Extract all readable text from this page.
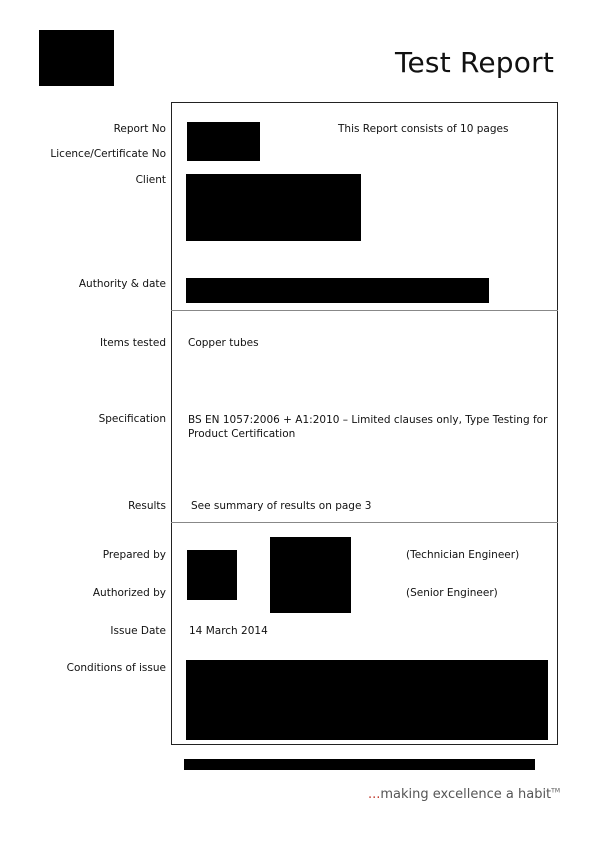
Test Report
Report No
Licence/Certificate No
Client
Authority & date
This Report consists of 10 pages
Items tested Copper tubes
Specification BS EN 1057:2006 + A1:2010 – Limited clauses only, Type Testing for Product Certification
Results See summary of results on page 3
Prepared by
Authorized by
Issue Date
Conditions of issue
(Technician Engineer)
(Senior Engineer)
14 March 2014
...making excellence a habit™
